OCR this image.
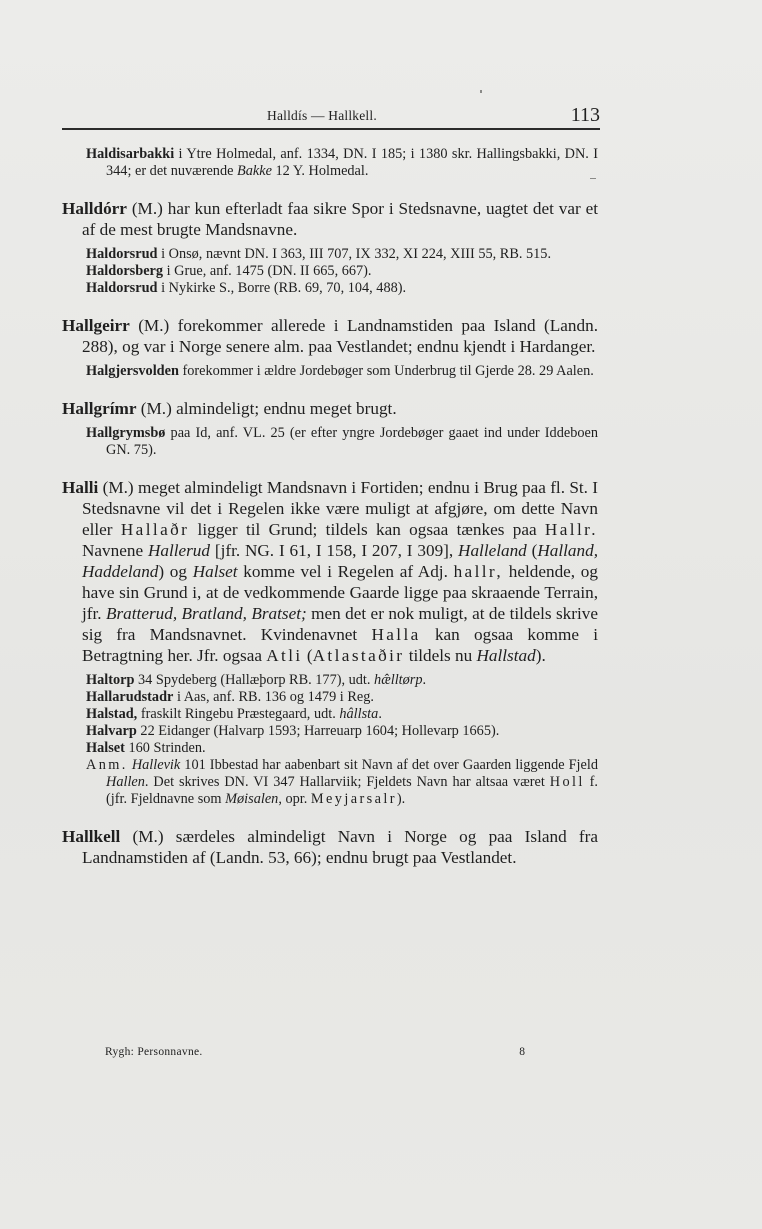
Halldís — Hallkell.	113

Haldisarbakki i Ytre Holmedal, anf. 1334, DN. I 185; i 1380 skr. Hallingsbakki, DN. I 344; er det nuværende Bakke 12 Y. Holmedal.

Halldórr (M.) har kun efterladt faa sikre Spor i Stedsnavne, uagtet det var et af de mest brugte Mandsnavne.

Haldorsrud i Onsø, nævnt DN. I 363, III 707, IX 332, XI 224, XIII 55, RB. 515.

Haldorsberg i Grue, anf. 1475 (DN. II 665, 667).

Haldorsrud i Nykirke S., Borre (RB. 69, 70, 104, 488).

Hallgeirr (M.) forekommer allerede i Landnamstiden paa Island (Landn. 288), og var i Norge senere alm. paa Vestlandet; endnu kjendt i Hardanger.

Halgjersvolden forekommer i ældre Jordebøger som Underbrug til Gjerde 28. 29 Aalen.

Hallgrímr (M.) almindeligt; endnu meget brugt.

Hallgrymsbø paa Id, anf. VL. 25 (er efter yngre Jordebøger gaaet ind under Iddeboen GN. 75).

Halli (M.) meget almindeligt Mandsnavn i Fortiden; endnu i Brug paa fl. St. I Stedsnavne vil det i Regelen ikke være muligt at afgjøre, om dette Navn eller Hallaðr ligger til Grund; tildels kan ogsaa tænkes paa Hallr. Navnene Hallerud [jfr. NG. I 61, I 158, I 207, I 309], Halleland (Halland, Haddeland) og Halset komme vel i Regelen af Adj. hallr, heldende, og have sin Grund i, at de vedkommende Gaarde ligge paa skraaende Terrain, jfr. Bratterud, Bratland, Bratset; men det er nok muligt, at de tildels skrive sig fra Mandsnavnet. Kvindenavnet Halla kan ogsaa komme i Betragtning her. Jfr. ogsaa Atli (Atlastaðir tildels nu Hallstad).

Haltorp 34 Spydeberg (Hallæþorp RB. 177), udt. hæ̂lltørp.

Hallarudstadr i Aas, anf. RB. 136 og 1479 i Reg.

Halstad, fraskilt Ringebu Præstegaard, udt. hâllsta.

Halvarp 22 Eidanger (Halvarp 1593; Harreuarp 1604; Hollevarp 1665).

Halset 160 Strinden.

Anm. Hallevik 101 Ibbestad har aabenbart sit Navn af det over Gaarden liggende Fjeld Hallen. Det skrives DN. VI 347 Hallarviik; Fjeldets Navn har altsaa været Holl f. (jfr. Fjeldnavne som Møisalen, opr. Meyjarsalr).

Hallkell (M.) særdeles almindeligt Navn i Norge og paa Island fra Landnamstiden af (Landn. 53, 66); endnu brugt paa Vestlandet.

Rygh: Personnavne.	8
